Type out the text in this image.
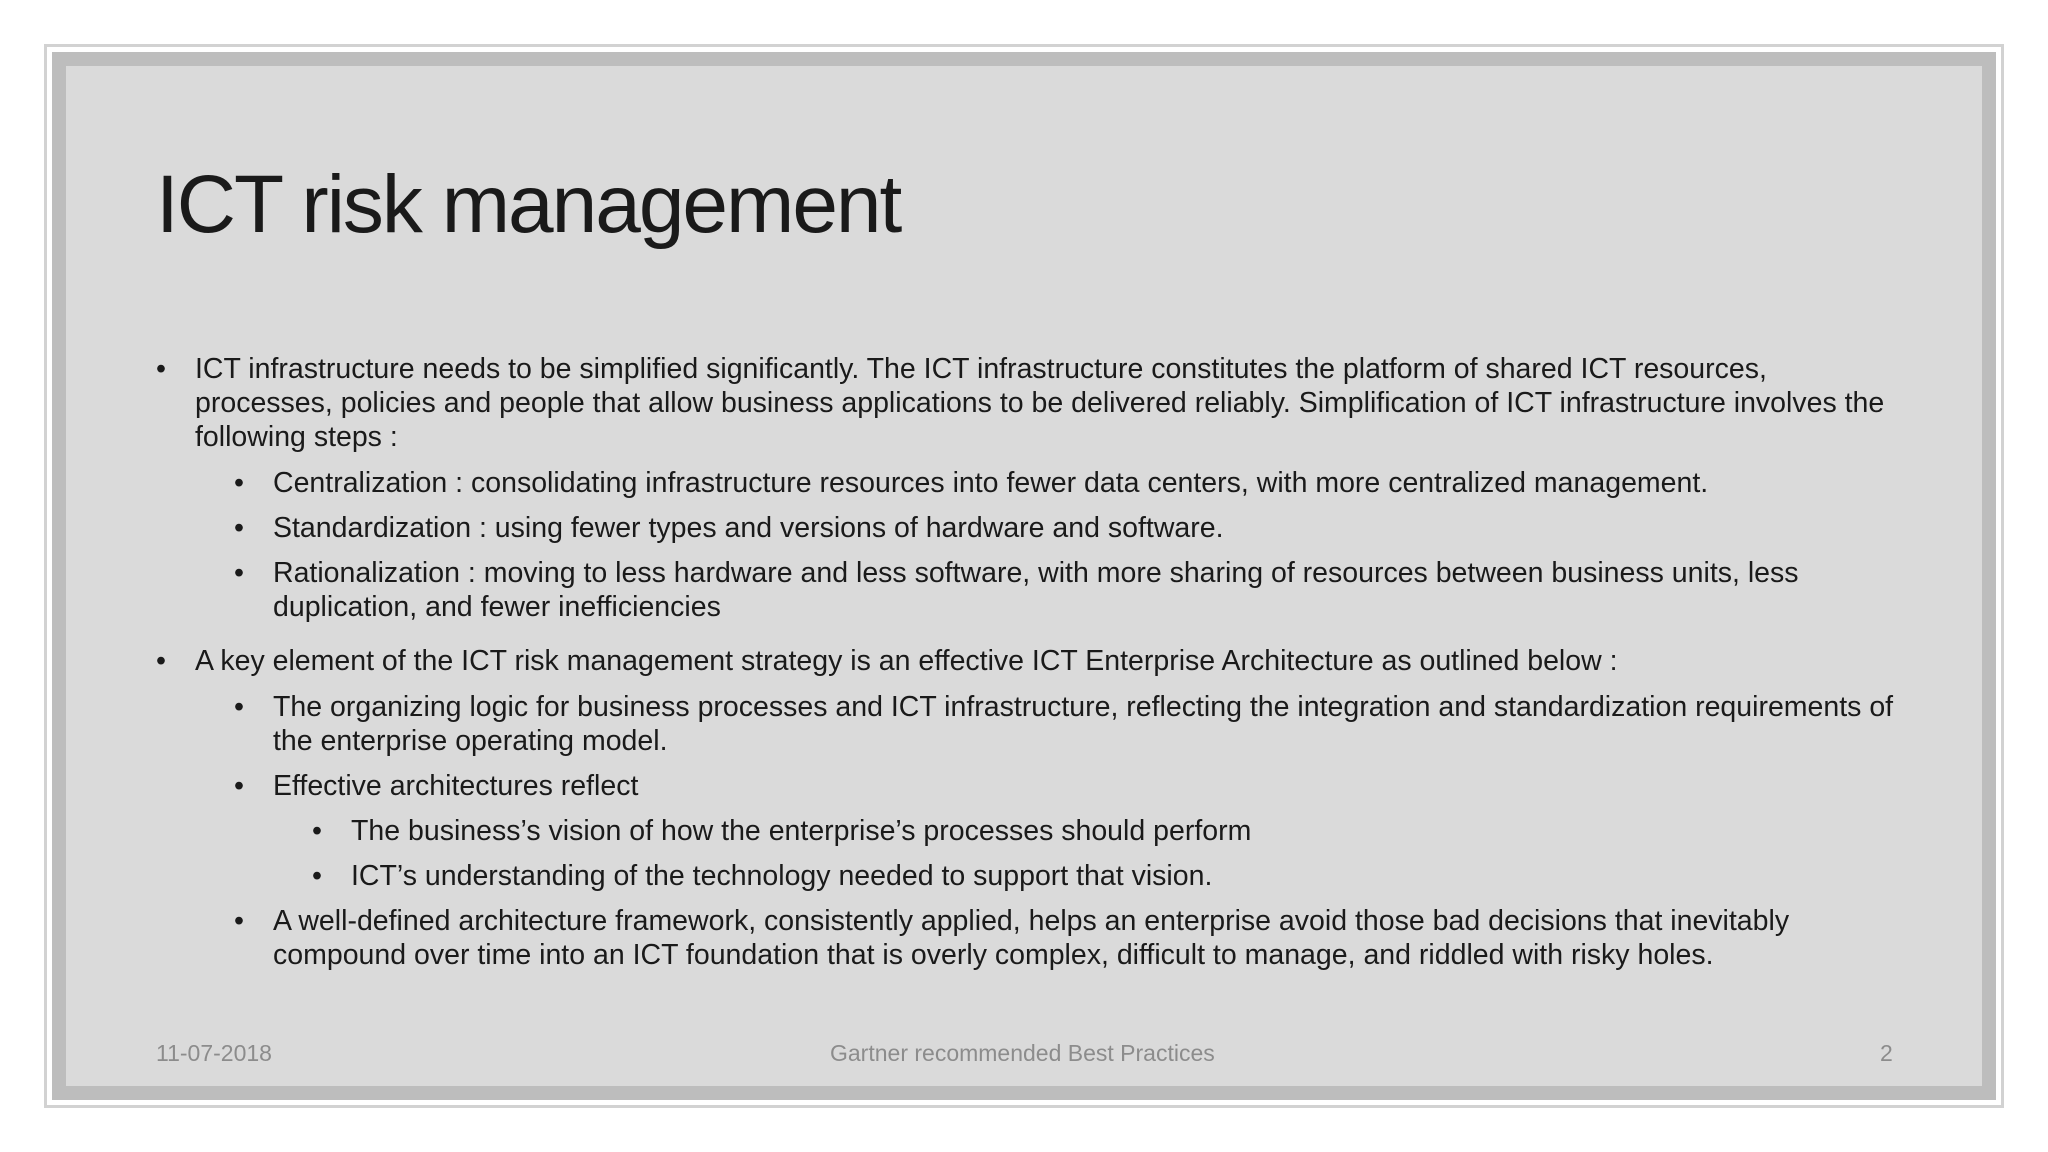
ICT risk management
• ICT infrastructure needs to be simplified significantly. The ICT infrastructure constitutes the platform of shared ICT resources, processes, policies and people that allow business applications to be delivered reliably. Simplification of ICT infrastructure involves the following steps :
• Centralization : consolidating infrastructure resources into fewer data centers, with more centralized management.
• Standardization : using fewer types and versions of hardware and software.
• Rationalization : moving to less hardware and less software, with more sharing of resources between business units, less duplication, and fewer inefficiencies
• A key element of the ICT risk management strategy is an effective ICT Enterprise Architecture as outlined below :
• The organizing logic for business processes and ICT infrastructure, reflecting the integration and standardization requirements of the enterprise operating model.
• Effective architectures reflect
• The business’s vision of how the enterprise’s processes should perform
• ICT’s understanding of the technology needed to support that vision.
• A well-defined architecture framework, consistently applied, helps an enterprise avoid those bad decisions that inevitably compound over time into an ICT foundation that is overly complex, difficult to manage, and riddled with risky holes.
11-07-2018	Gartner recommended Best Practices	2
